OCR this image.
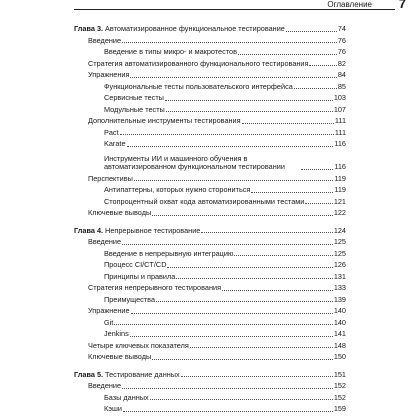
Оглавление	7
Глава 3. Автоматизированное функциональное тестирование	74
Введение	76
Введение в типы микро- и макротестов	76
Стратегия автоматизированного функционального тестирования	82
Упражнения	84
Функциональные тесты пользовательского интерфейса	85
Сервисные тесты	103
Модульные тесты	107
Дополнительные инструменты тестирования	111
Pact	111
Karate	116
Инструменты ИИ и машинного обучения в автоматизированном функциональном тестировании	116
Перспективы	119
Антипаттерны, которых нужно сторониться	119
Стопроцентный охват кода автоматизированными тестами	121
Ключевые выводы	122
Глава 4. Непрерывное тестирование	124
Введение	125
Введение в непрерывную интеграцию	125
Процесс CI/CT/CD	126
Принципы и правила	131
Стратегия непрерывного тестирования	133
Преимущества	139
Упражнение	140
Git	140
Jenkins	141
Четыре ключевых показателя	148
Ключевые выводы	150
Глава 5. Тестирование данных	151
Введение	152
Базы данных	152
Кэши	159
